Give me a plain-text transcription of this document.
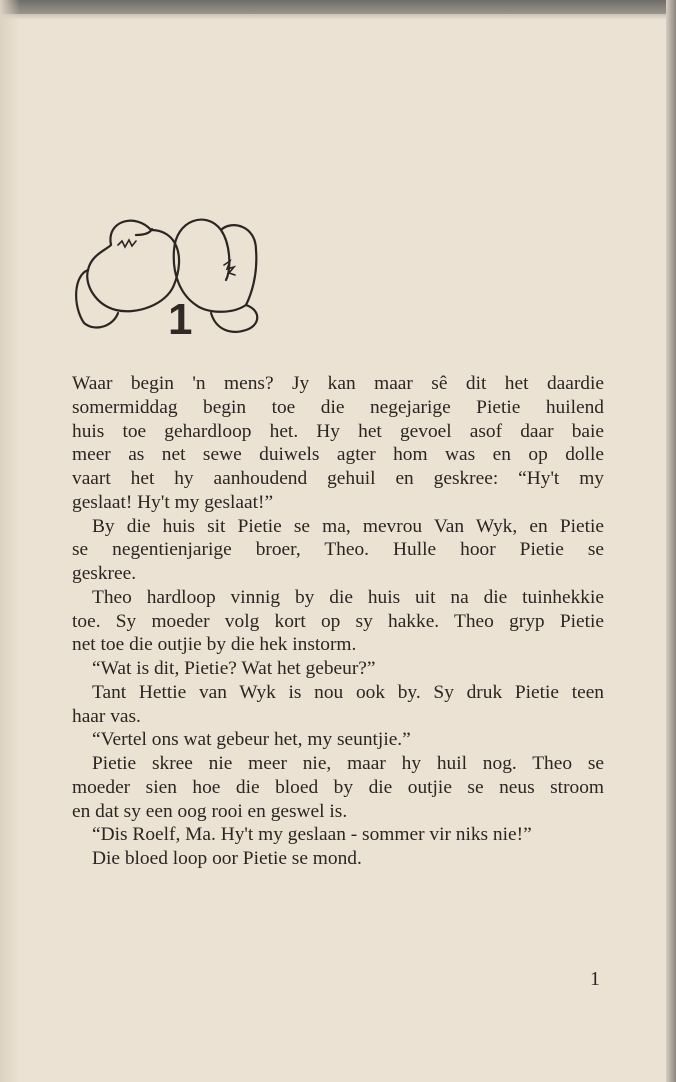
1
Waar begin 'n mens? Jy kan maar sê dit het daardie
somermiddag begin toe die negejarige Pietie huilend
huis toe gehardloop het. Hy het gevoel asof daar baie
meer as net sewe duiwels agter hom was en op dolle
vaart het hy aanhoudend gehuil en geskree: “Hy't my
geslaat! Hy't my geslaat!”
By die huis sit Pietie se ma, mevrou Van Wyk, en Pietie
se negentienjarige broer, Theo. Hulle hoor Pietie se
geskree.
Theo hardloop vinnig by die huis uit na die tuinhekkie
toe. Sy moeder volg kort op sy hakke. Theo gryp Pietie
net toe die outjie by die hek instorm.
“Wat is dit, Pietie? Wat het gebeur?”
Tant Hettie van Wyk is nou ook by. Sy druk Pietie teen
haar vas.
“Vertel ons wat gebeur het, my seuntjie.”
Pietie skree nie meer nie, maar hy huil nog. Theo se
moeder sien hoe die bloed by die outjie se neus stroom
en dat sy een oog rooi en geswel is.
“Dis Roelf, Ma. Hy't my geslaan - sommer vir niks nie!”
Die bloed loop oor Pietie se mond.
1
